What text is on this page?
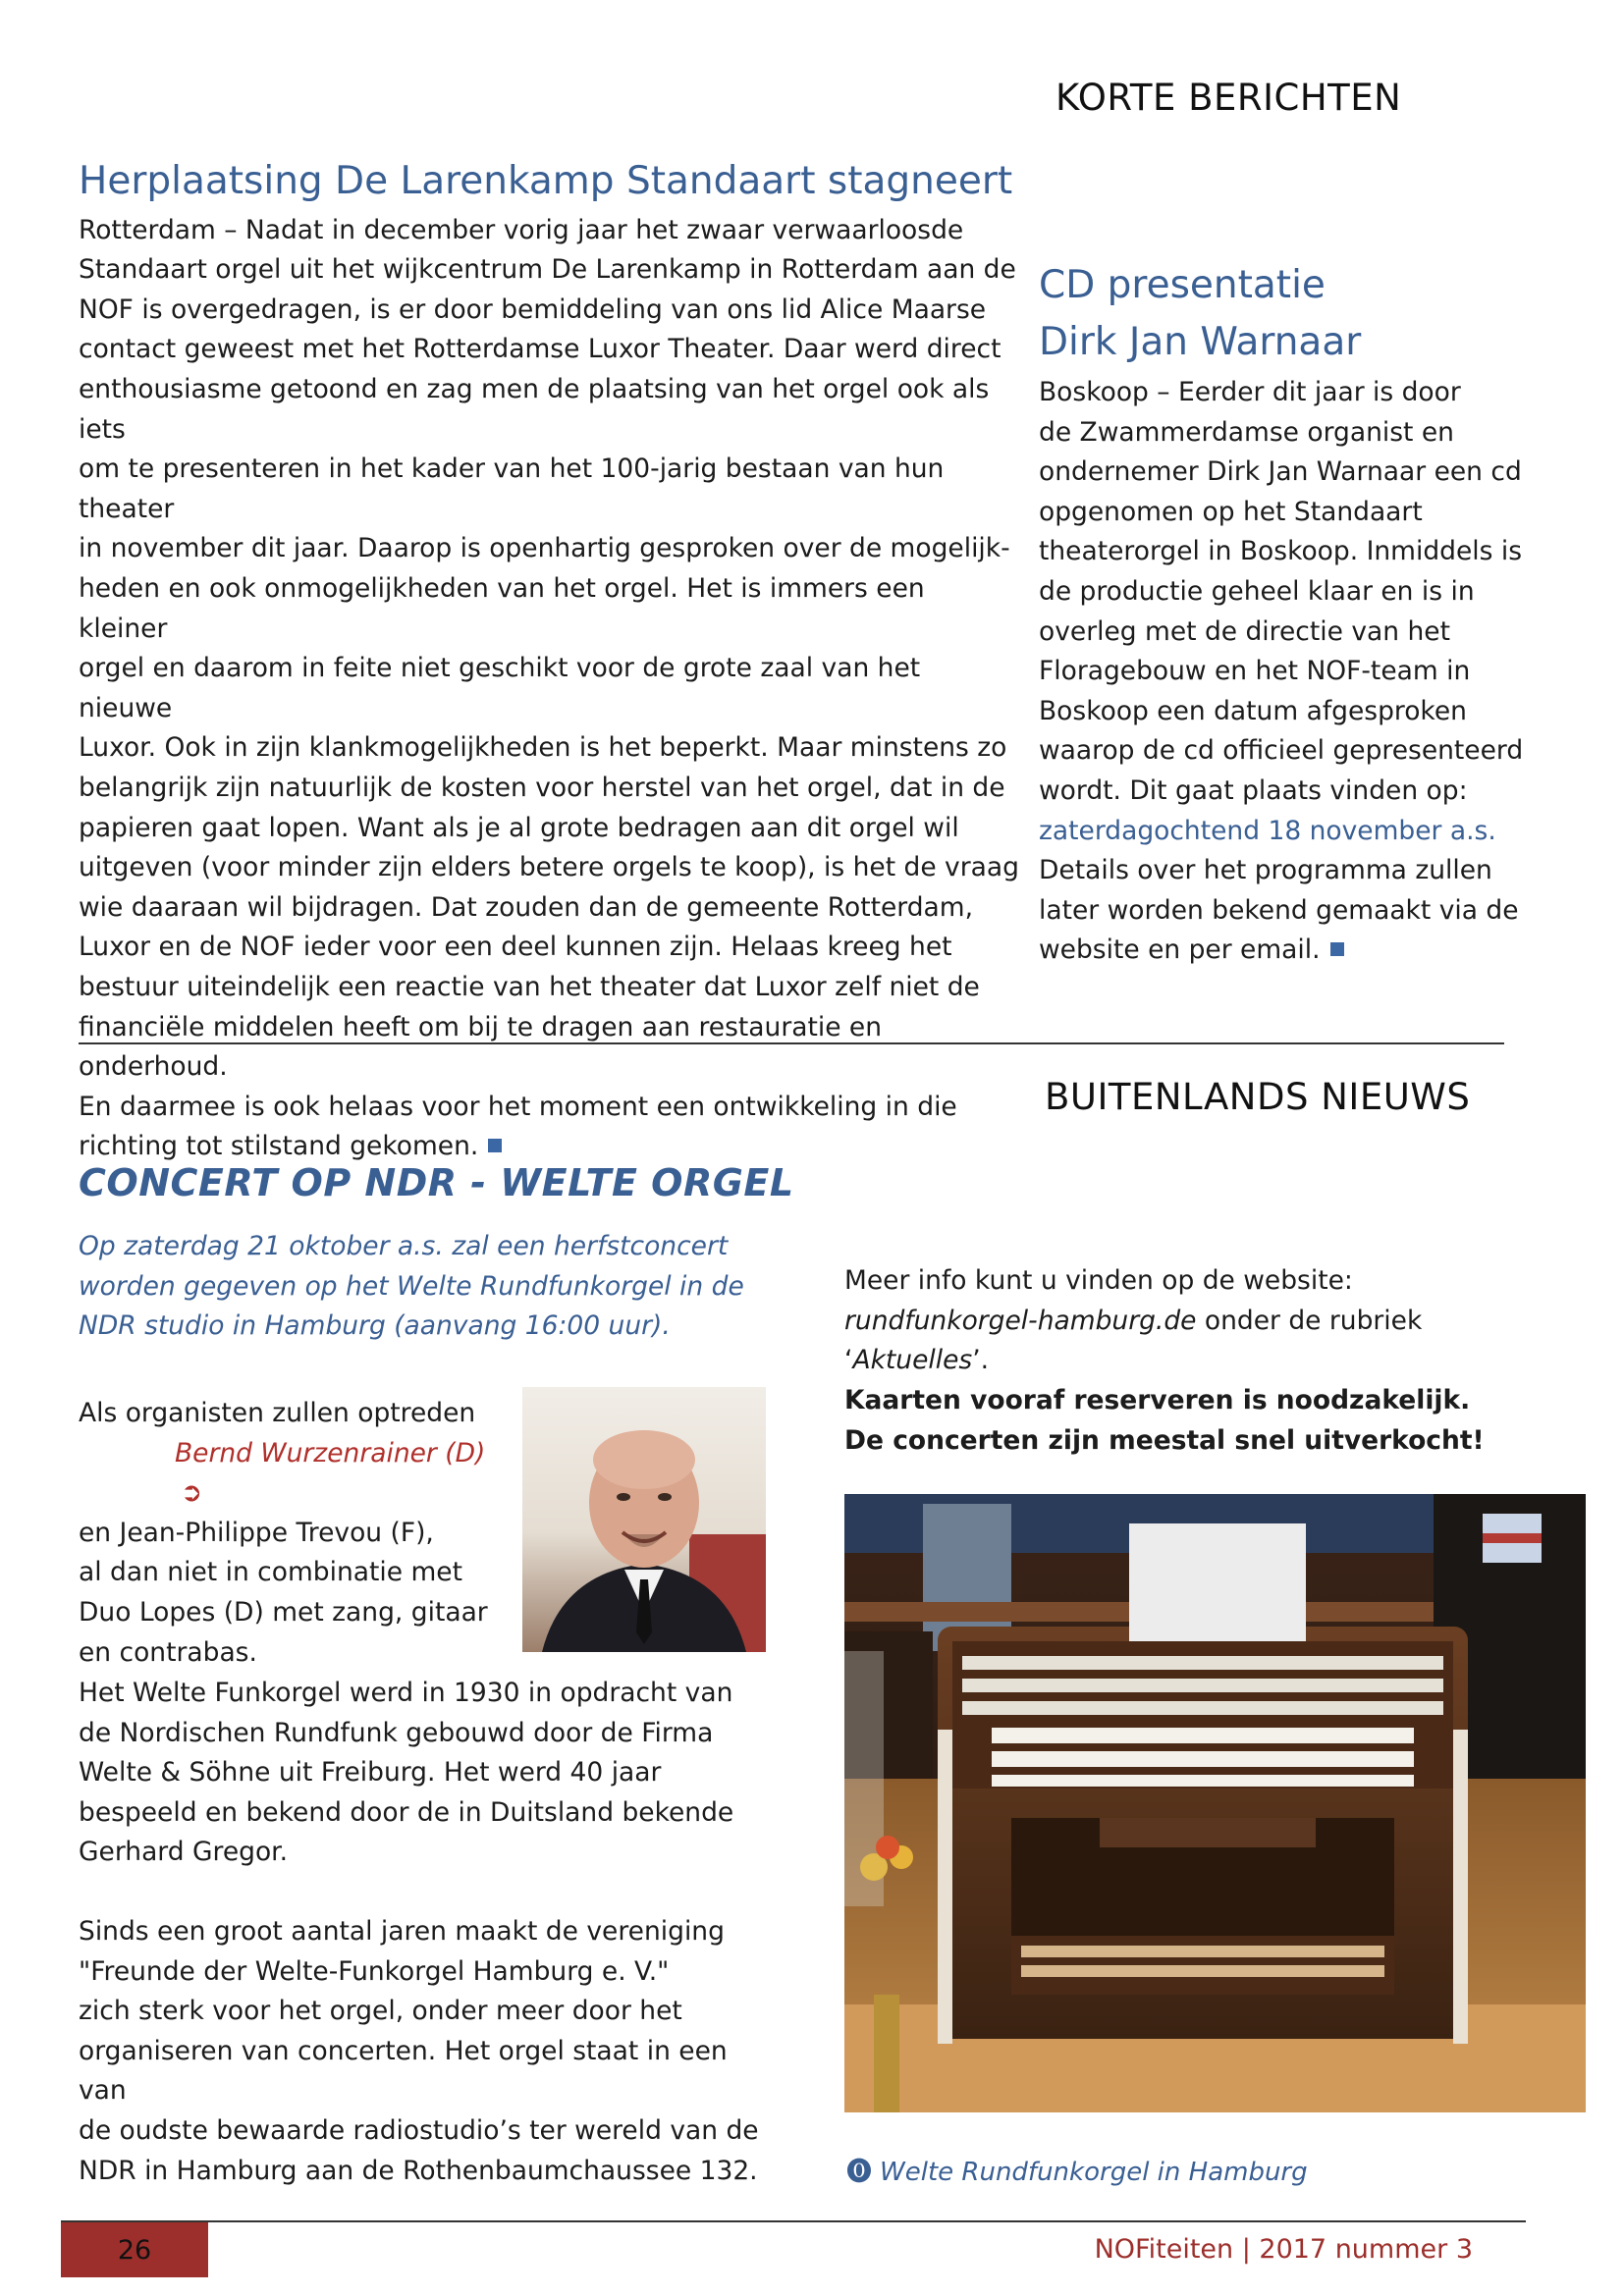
KORTE BERICHTEN
Herplaatsing De Larenkamp Standaart stagneert
Rotterdam – Nadat in december vorig jaar het zwaar verwaarloosde
Standaart orgel uit het wijkcentrum De Larenkamp in Rotterdam aan de
NOF is overgedragen, is er door bemiddeling van ons lid Alice Maarse
contact geweest met het Rotterdamse Luxor Theater. Daar werd direct
enthousiasme getoond en zag men de plaatsing van het orgel ook als iets
om te presenteren in het kader van het 100-jarig bestaan van hun theater
in november dit jaar. Daarop is openhartig gesproken over de mogelijk-
heden en ook onmogelijkheden van het orgel. Het is immers een kleiner
orgel en daarom in feite niet geschikt voor de grote zaal van het nieuwe
Luxor. Ook in zijn klankmogelijkheden is het beperkt. Maar minstens zo
belangrijk zijn natuurlijk de kosten voor herstel van het orgel, dat in de
papieren gaat lopen. Want als je al grote bedragen aan dit orgel wil
uitgeven (voor minder zijn elders betere orgels te koop), is het de vraag
wie daaraan wil bijdragen. Dat zouden dan de gemeente Rotterdam,
Luxor en de NOF ieder voor een deel kunnen zijn. Helaas kreeg het
bestuur uiteindelijk een reactie van het theater dat Luxor zelf niet de
financiële middelen heeft om bij te dragen aan restauratie en onderhoud.
En daarmee is ook helaas voor het moment een ontwikkeling in die
richting tot stilstand gekomen.
CD presentatie
Dirk Jan Warnaar
Boskoop – Eerder dit jaar is door
de Zwammerdamse organist en
ondernemer Dirk Jan Warnaar een cd
opgenomen op het Standaart
theaterorgel in Boskoop. Inmiddels is
de productie geheel klaar en is in
overleg met de directie van het
Floragebouw en het NOF-team in
Boskoop een datum afgesproken
waarop de cd officieel gepresenteerd
wordt. Dit gaat plaats vinden op:
zaterdagochtend 18 november a.s.
Details over het programma zullen
later worden bekend gemaakt via de
website en per email.
BUITENLANDS NIEUWS
CONCERT OP NDR - WELTE ORGEL
Op zaterdag 21 oktober a.s. zal een herfstconcert
worden gegeven op het Welte Rundfunkorgel in de
NDR studio in Hamburg (aanvang 16:00 uur).
Als organisten zullen optreden
Bernd Wurzenrainer (D) ➲
en Jean-Philippe Trevou (F),
al dan niet in combinatie met
Duo Lopes (D) met zang, gitaar
en contrabas.
Het Welte Funkorgel werd in 1930 in opdracht van
de Nordischen Rundfunk gebouwd door de Firma
Welte & Söhne uit Freiburg. Het werd 40 jaar
bespeeld en bekend door de in Duitsland bekende
Gerhard Gregor.
Sinds een groot aantal jaren maakt de vereniging
"Freunde der Welte-Funkorgel Hamburg e. V."
zich sterk voor het orgel, onder meer door het
organiseren van concerten. Het orgel staat in een van
de oudste bewaarde radiostudio’s ter wereld van de
NDR in Hamburg aan de Rothenbaumchaussee 132.
Meer info kunt u vinden op de website:
rundfunkorgel-hamburg.de onder de rubriek ‘Aktuelles’.
Kaarten vooraf reserveren is noodzakelijk.
De concerten zijn meestal snel uitverkocht!
⓿ Welte Rundfunkorgel in Hamburg
26	NOFiteiten | 2017 nummer 3
